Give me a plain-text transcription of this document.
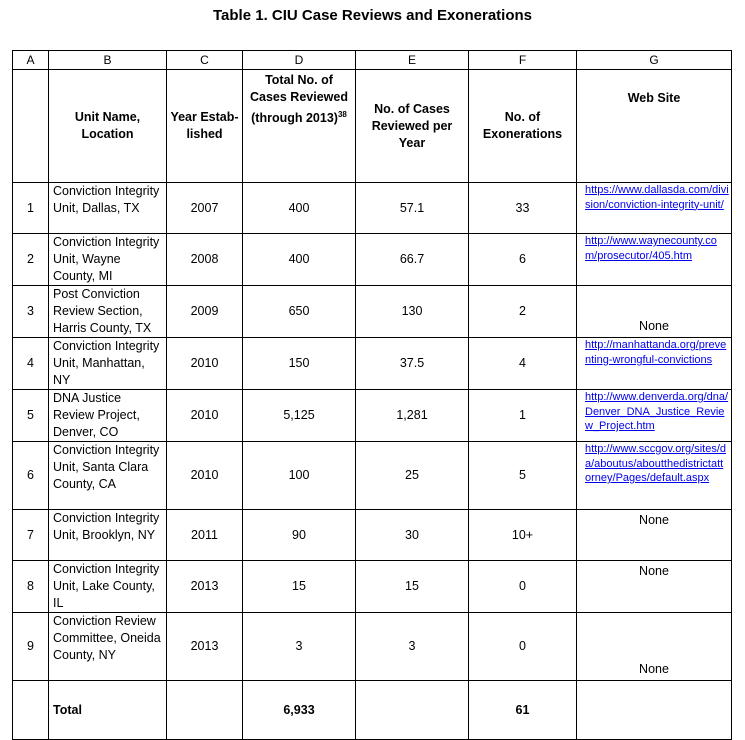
Table 1. CIU Case Reviews and Exonerations
A	B	C	D	E	F	G
	Unit Name, Location	Year Estab-lished	Total No. of Cases Reviewed (through 2013)$^{38}$	No. of Cases Reviewed per Year	No. of Exonerations	Web Site
1	Conviction Integrity Unit, Dallas, TX	2007	400	57.1	33	https://www.dallasda.com/division/conviction-integrity-unit/
2	Conviction Integrity Unit, Wayne County, MI	2008	400	66.7	6	http://www.waynecounty.com/prosecutor/405.htm
3	Post Conviction Review Section, Harris County, TX	2009	650	130	2	None
4	Conviction Integrity Unit, Manhattan, NY	2010	150	37.5	4	http://manhattanda.org/preventing-wrongful-convictions
5	DNA Justice Review Project, Denver, CO	2010	5,125	1,281	1	http://www.denverda.org/dna/Denver_DNA_Justice_Review_Project.htm
6	Conviction Integrity Unit, Santa Clara County, CA	2010	100	25	5	http://www.sccgov.org/sites/da/aboutus/aboutthedistrictattorney/Pages/default.aspx
7	Conviction Integrity Unit, Brooklyn, NY	2011	90	30	10+	None
8	Conviction Integrity Unit, Lake County, IL	2013	15	15	0	None
9	Conviction Review Committee, Oneida County, NY	2013	3	3	0	None
	Total		6,933		61	
